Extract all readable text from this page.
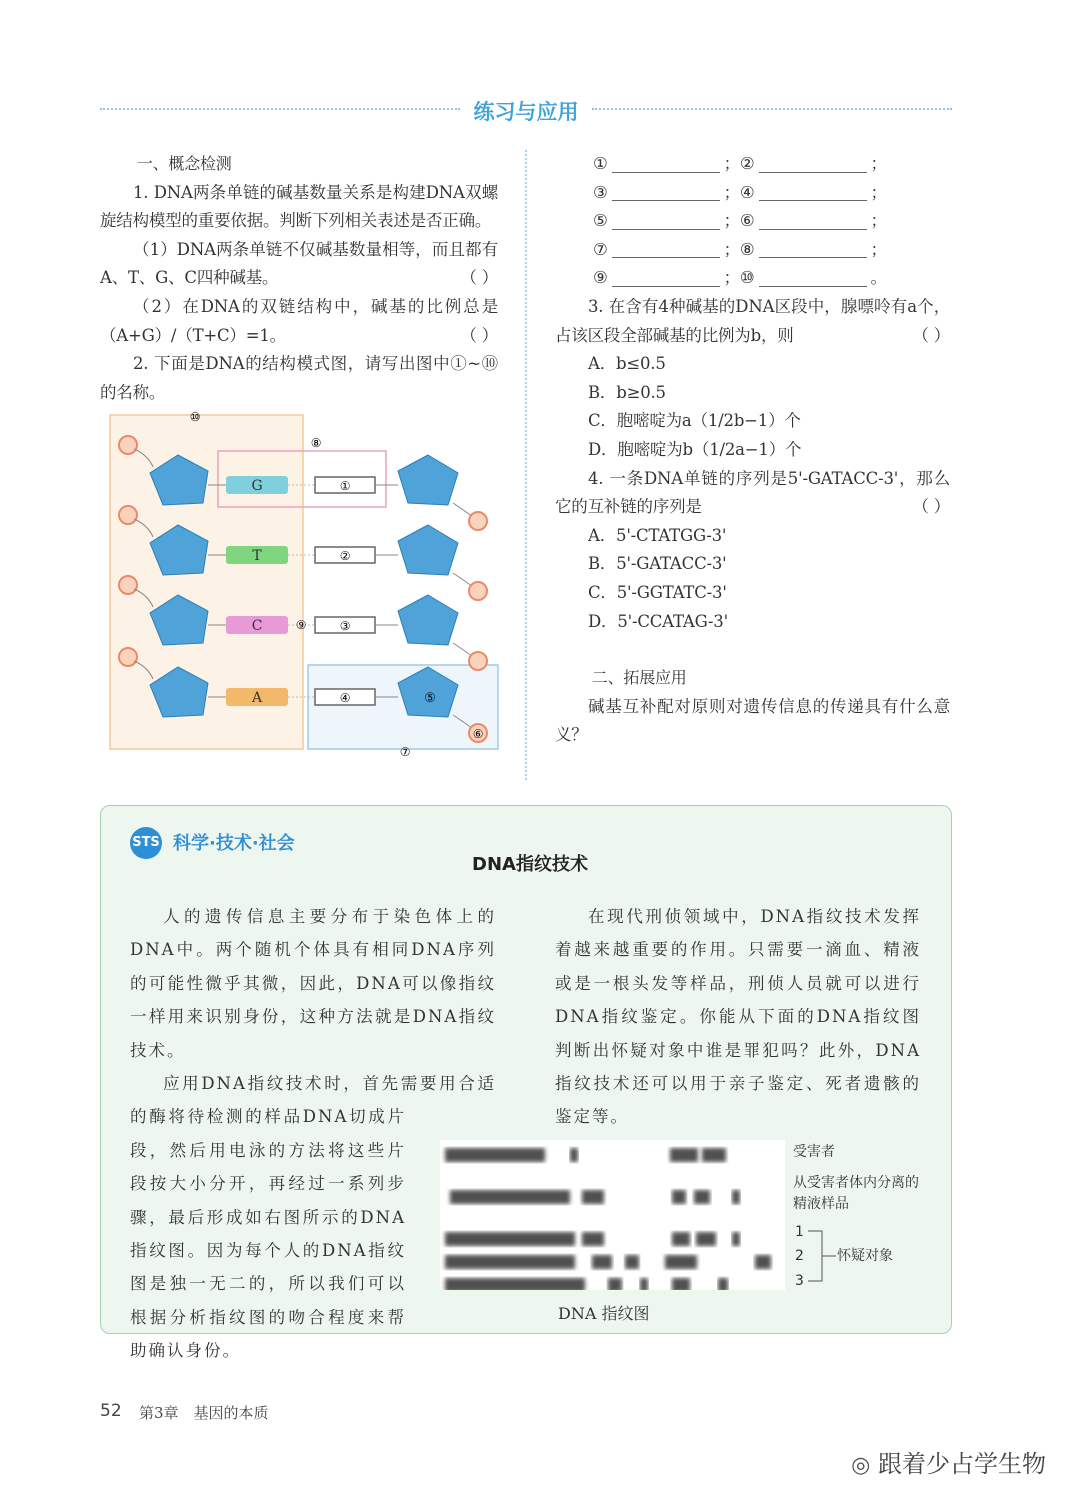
练习与应用

一、概念检测

1. DNA两条单链的碱基数量关系是构建DNA双螺旋结构模型的重要依据。判断下列相关表述是否正确。

（1）DNA两条单链不仅碱基数量相等，而且都有A、T、G、C四种碱基。	（ ）

（2）在DNA的双链结构中，碱基的比例总是（A+G）/（T+C）=1。	（ ）

2. 下面是DNA的结构模式图，请写出图中①~⑩的名称。

G	①
T	②
C	③
A	④	⑤
⑥
⑦
⑧
⑨
⑩
①	； ②	；
③	； ④	；
⑤	； ⑥	；
⑦	； ⑧	；
⑨	； ⑩	。

3. 在含有4种碱基的DNA区段中，腺嘌呤有a个，占该区段全部碱基的比例为b，则	（ ）

A．b≤0.5

B．b≥0.5

C．胞嘧啶为a（1/2b−1）个

D．胞嘧啶为b（1/2a−1）个

4. 一条DNA单链的序列是5'-GATACC-3'，那么它的互补链的序列是	（ ）

A．5'-CTATGG-3'

B．5'-GATACC-3'

C．5'-GGTATC-3'

D．5'-CCATAG-3'

二、拓展应用

碱基互补配对原则对遗传信息的传递具有什么意义？

STS 科学·技术·社会
DNA指纹技术

人的遗传信息主要分布于染色体上的DNA中。两个随机个体具有相同DNA序列的可能性微乎其微，因此，DNA可以像指纹一样用来识别身份，这种方法就是DNA指纹技术。

应用DNA指纹技术时，首先需要用合适的酶将待检测的样品DNA切成片段，然后用电泳的方法将这些片段按大小分开，再经过一系列步骤，最后形成如右图所示的DNA指纹图。因为每个人的DNA指纹图是独一无二的，所以我们可以根据分析指纹图的吻合程度来帮助确认身份。

在现代刑侦领域中，DNA指纹技术发挥着越来越重要的作用。只需要一滴血、精液或是一根头发等样品，刑侦人员就可以进行DNA指纹鉴定。你能从下面的DNA指纹图判断出怀疑对象中谁是罪犯吗？此外，DNA指纹技术还可以用于亲子鉴定、死者遗骸的鉴定等。

受害者
从受害者体内分离的精液样品
1
2
3
怀疑对象
DNA 指纹图
52 第3章　基因的本质
◎ 跟着少占学生物
